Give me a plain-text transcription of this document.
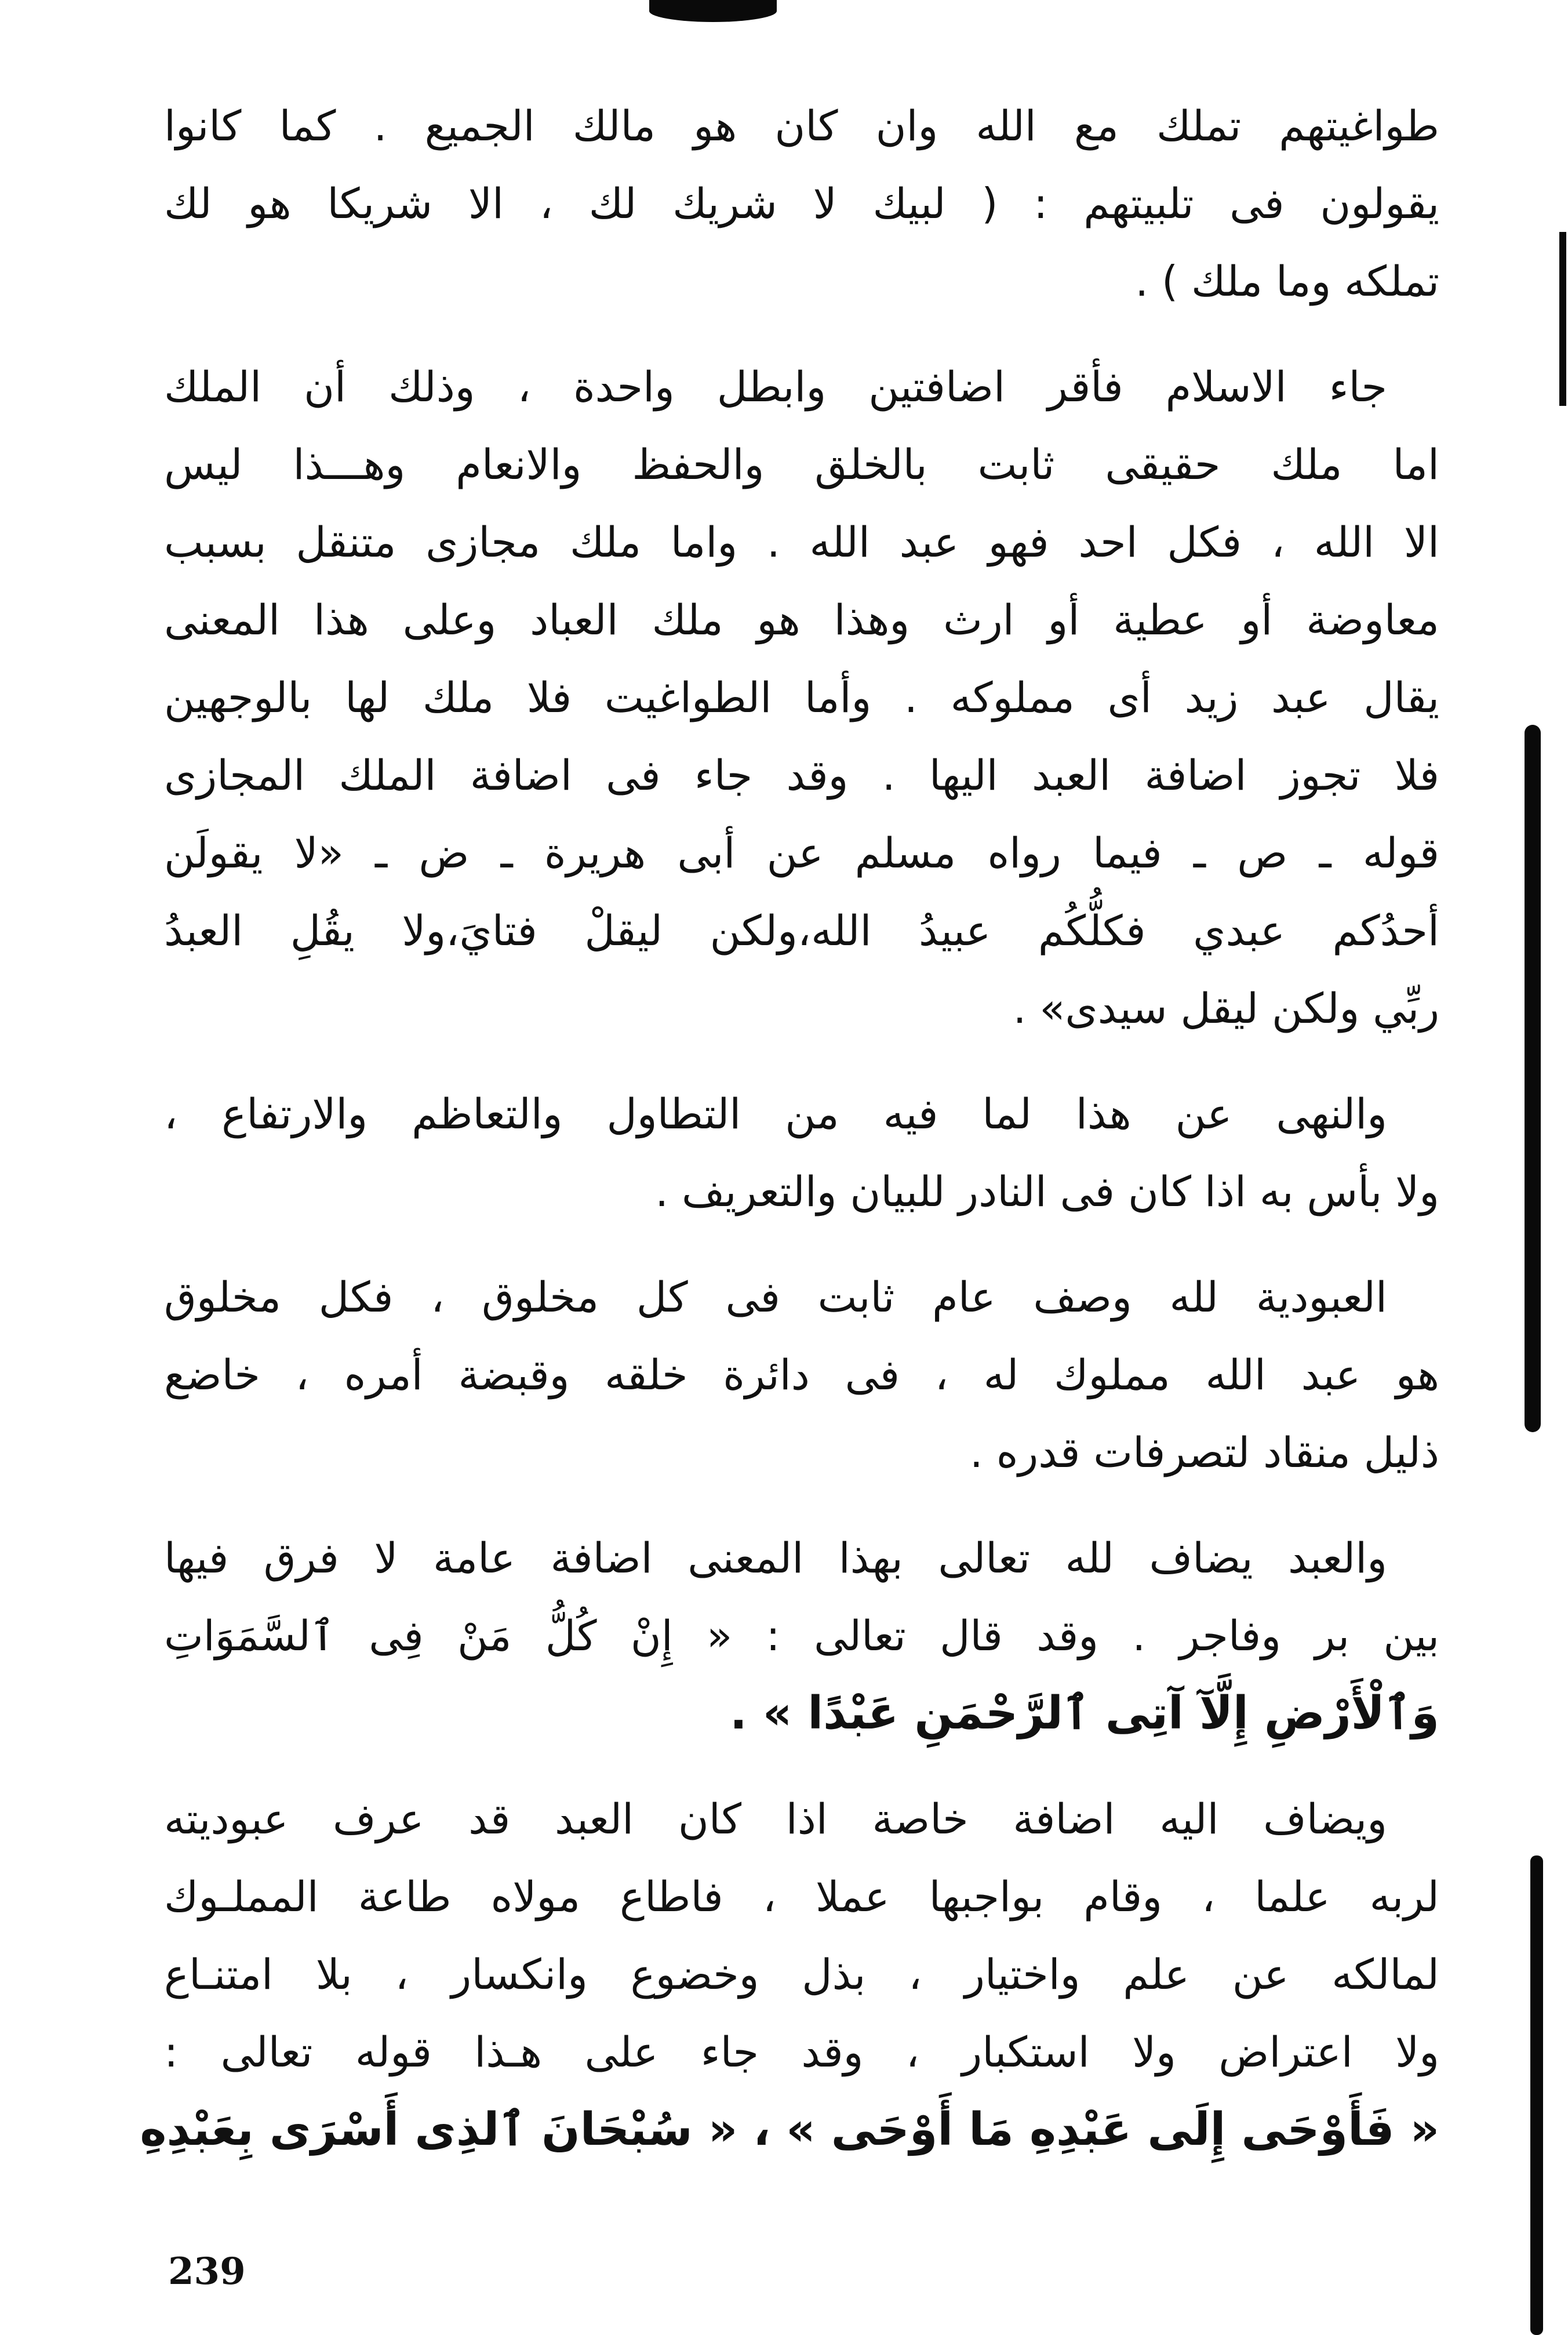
طواغيتهم تملك مع الله وان كان هو مالك الجميع . كما كانوا
يقولون فى تلبيتهم : ( لبيك لا شريك لك ، الا شريكا هو لك
تملكه وما ملك ) .
جاء الاسلام فأقر اضافتين وابطل واحدة ، وذلك أن الملك
اما ملك حقيقى ثابت بالخلق والحفظ والانعام وهـــذا ليس
الا الله ، فكل احد فهو عبد الله . واما ملك مجازى متنقل بسبب
معاوضة أو عطية أو ارث وهذا هو ملك العباد وعلى هذا المعنى
يقال عبد زيد أى مملوكه . وأما الطواغيت فلا ملك لها بالوجهين
فلا تجوز اضافة العبد اليها . وقد جاء فى اضافة الملك المجازى
قوله ـ ص ـ فيما رواه مسلم عن أبى هريرة ـ ض ـ «لا يقولَن
أحدُكم عبدي فكلُّكُم عبيدُ الله،ولكن ليقلْ فتايَ،ولا يقُلِ العبدُ
ربِّي ولكن ليقل سيدى» .
والنهى عن هذا لما فيه من التطاول والتعاظم والارتفاع ،
ولا بأس به اذا كان فى النادر للبيان والتعريف .
العبودية لله وصف عام ثابت فى كل مخلوق ، فكل مخلوق
هو عبد الله مملوك له ، فى دائرة خلقه وقبضة أمره ، خاضع
ذليل منقاد لتصرفات قدره .
والعبد يضاف لله تعالى بهذا المعنى اضافة عامة لا فرق فيها
بين بر وفاجر . وقد قال تعالى : « إِنْ كُلُّ مَنْ فِى ٱلسَّمَوَاتِ
وَٱلْأَرْضِ إِلَّآ آتِى ٱلرَّحْمَنِ عَبْدًا » .
ويضاف اليه اضافة خاصة اذا كان العبد قد عرف عبوديته
لربه علما ، وقام بواجبها عملا ، فاطاع مولاه طاعة المملـوك
لمالكه عن علم واختيار ، بذل وخضوع وانكسار ، بلا امتنـاع
ولا اعتراض ولا استكبار ، وقد جاء على هـذا قوله تعالى :
« فَأَوْحَى إِلَى عَبْدِهِ مَا أَوْحَى » ، « سُبْحَانَ ٱلذِى أَسْرَى بِعَبْدِهِ
239
